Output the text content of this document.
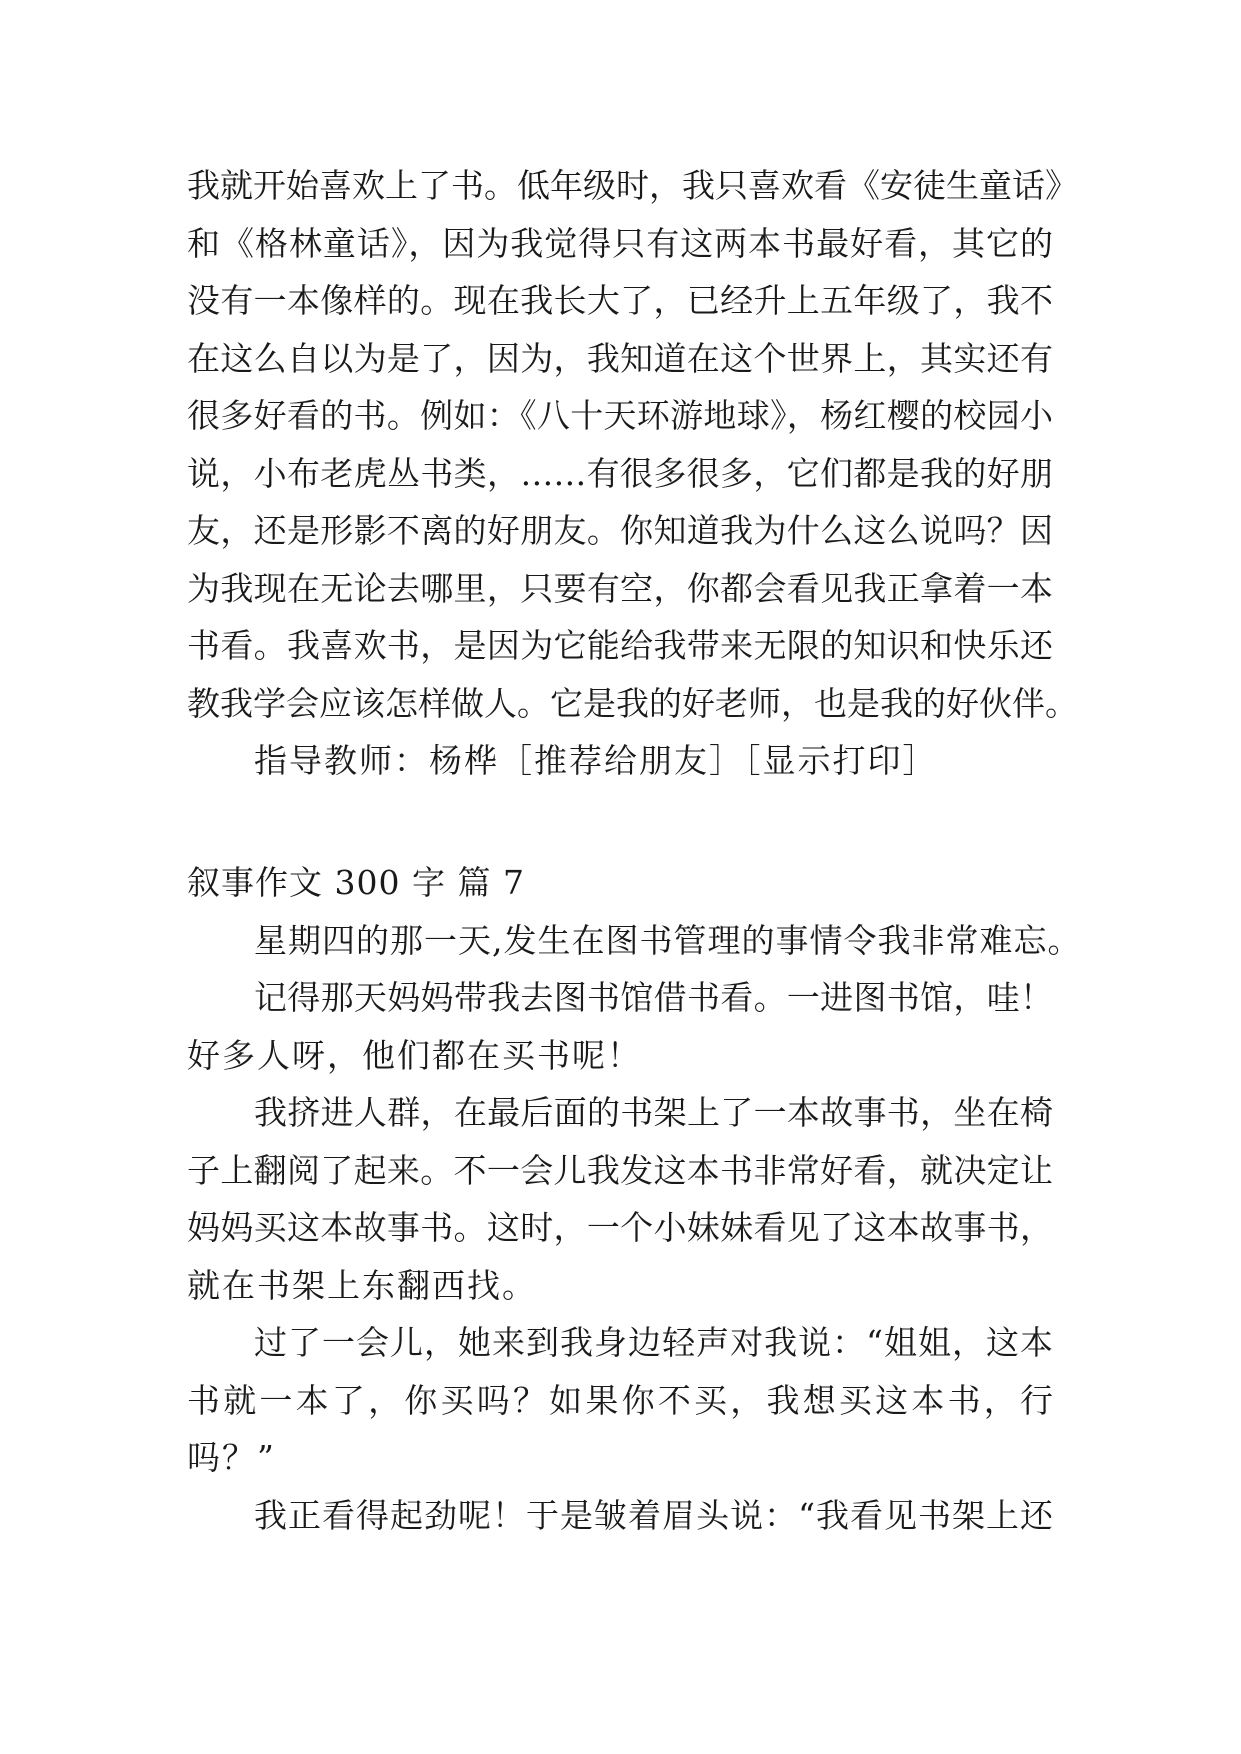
我就开始喜欢上了书。低年级时，我只喜欢看《安徒生童话》
和《格林童话》，因为我觉得只有这两本书最好看，其它的
没有一本像样的。现在我长大了，已经升上五年级了，我不
在这么自以为是了，因为，我知道在这个世界上，其实还有
很多好看的书。例如：《八十天环游地球》，杨红樱的校园小
说，小布老虎丛书类，……有很多很多，它们都是我的好朋
友，还是形影不离的好朋友。你知道我为什么这么说吗？因
为我现在无论去哪里，只要有空，你都会看见我正拿着一本
书看。我喜欢书，是因为它能给我带来无限的知识和快乐还
教我学会应该怎样做人。它是我的好老师，也是我的好伙伴。
指导教师：杨桦［推荐给朋友］［显示打印］
叙事作文 300 字 篇 7
星期四的那一天,发生在图书管理的事情令我非常难忘。
记得那天妈妈带我去图书馆借书看。一进图书馆，哇！
好多人呀，他们都在买书呢！
我挤进人群，在最后面的书架上了一本故事书，坐在椅
子上翻阅了起来。不一会儿我发这本书非常好看，就决定让
妈妈买这本故事书。这时，一个小妹妹看见了这本故事书，
就在书架上东翻西找。
过了一会儿，她来到我身边轻声对我说：“姐姐，这本
书就一本了，你买吗？如果你不买，我想买这本书，行
吗？”
我正看得起劲呢！于是皱着眉头说：“我看见书架上还
